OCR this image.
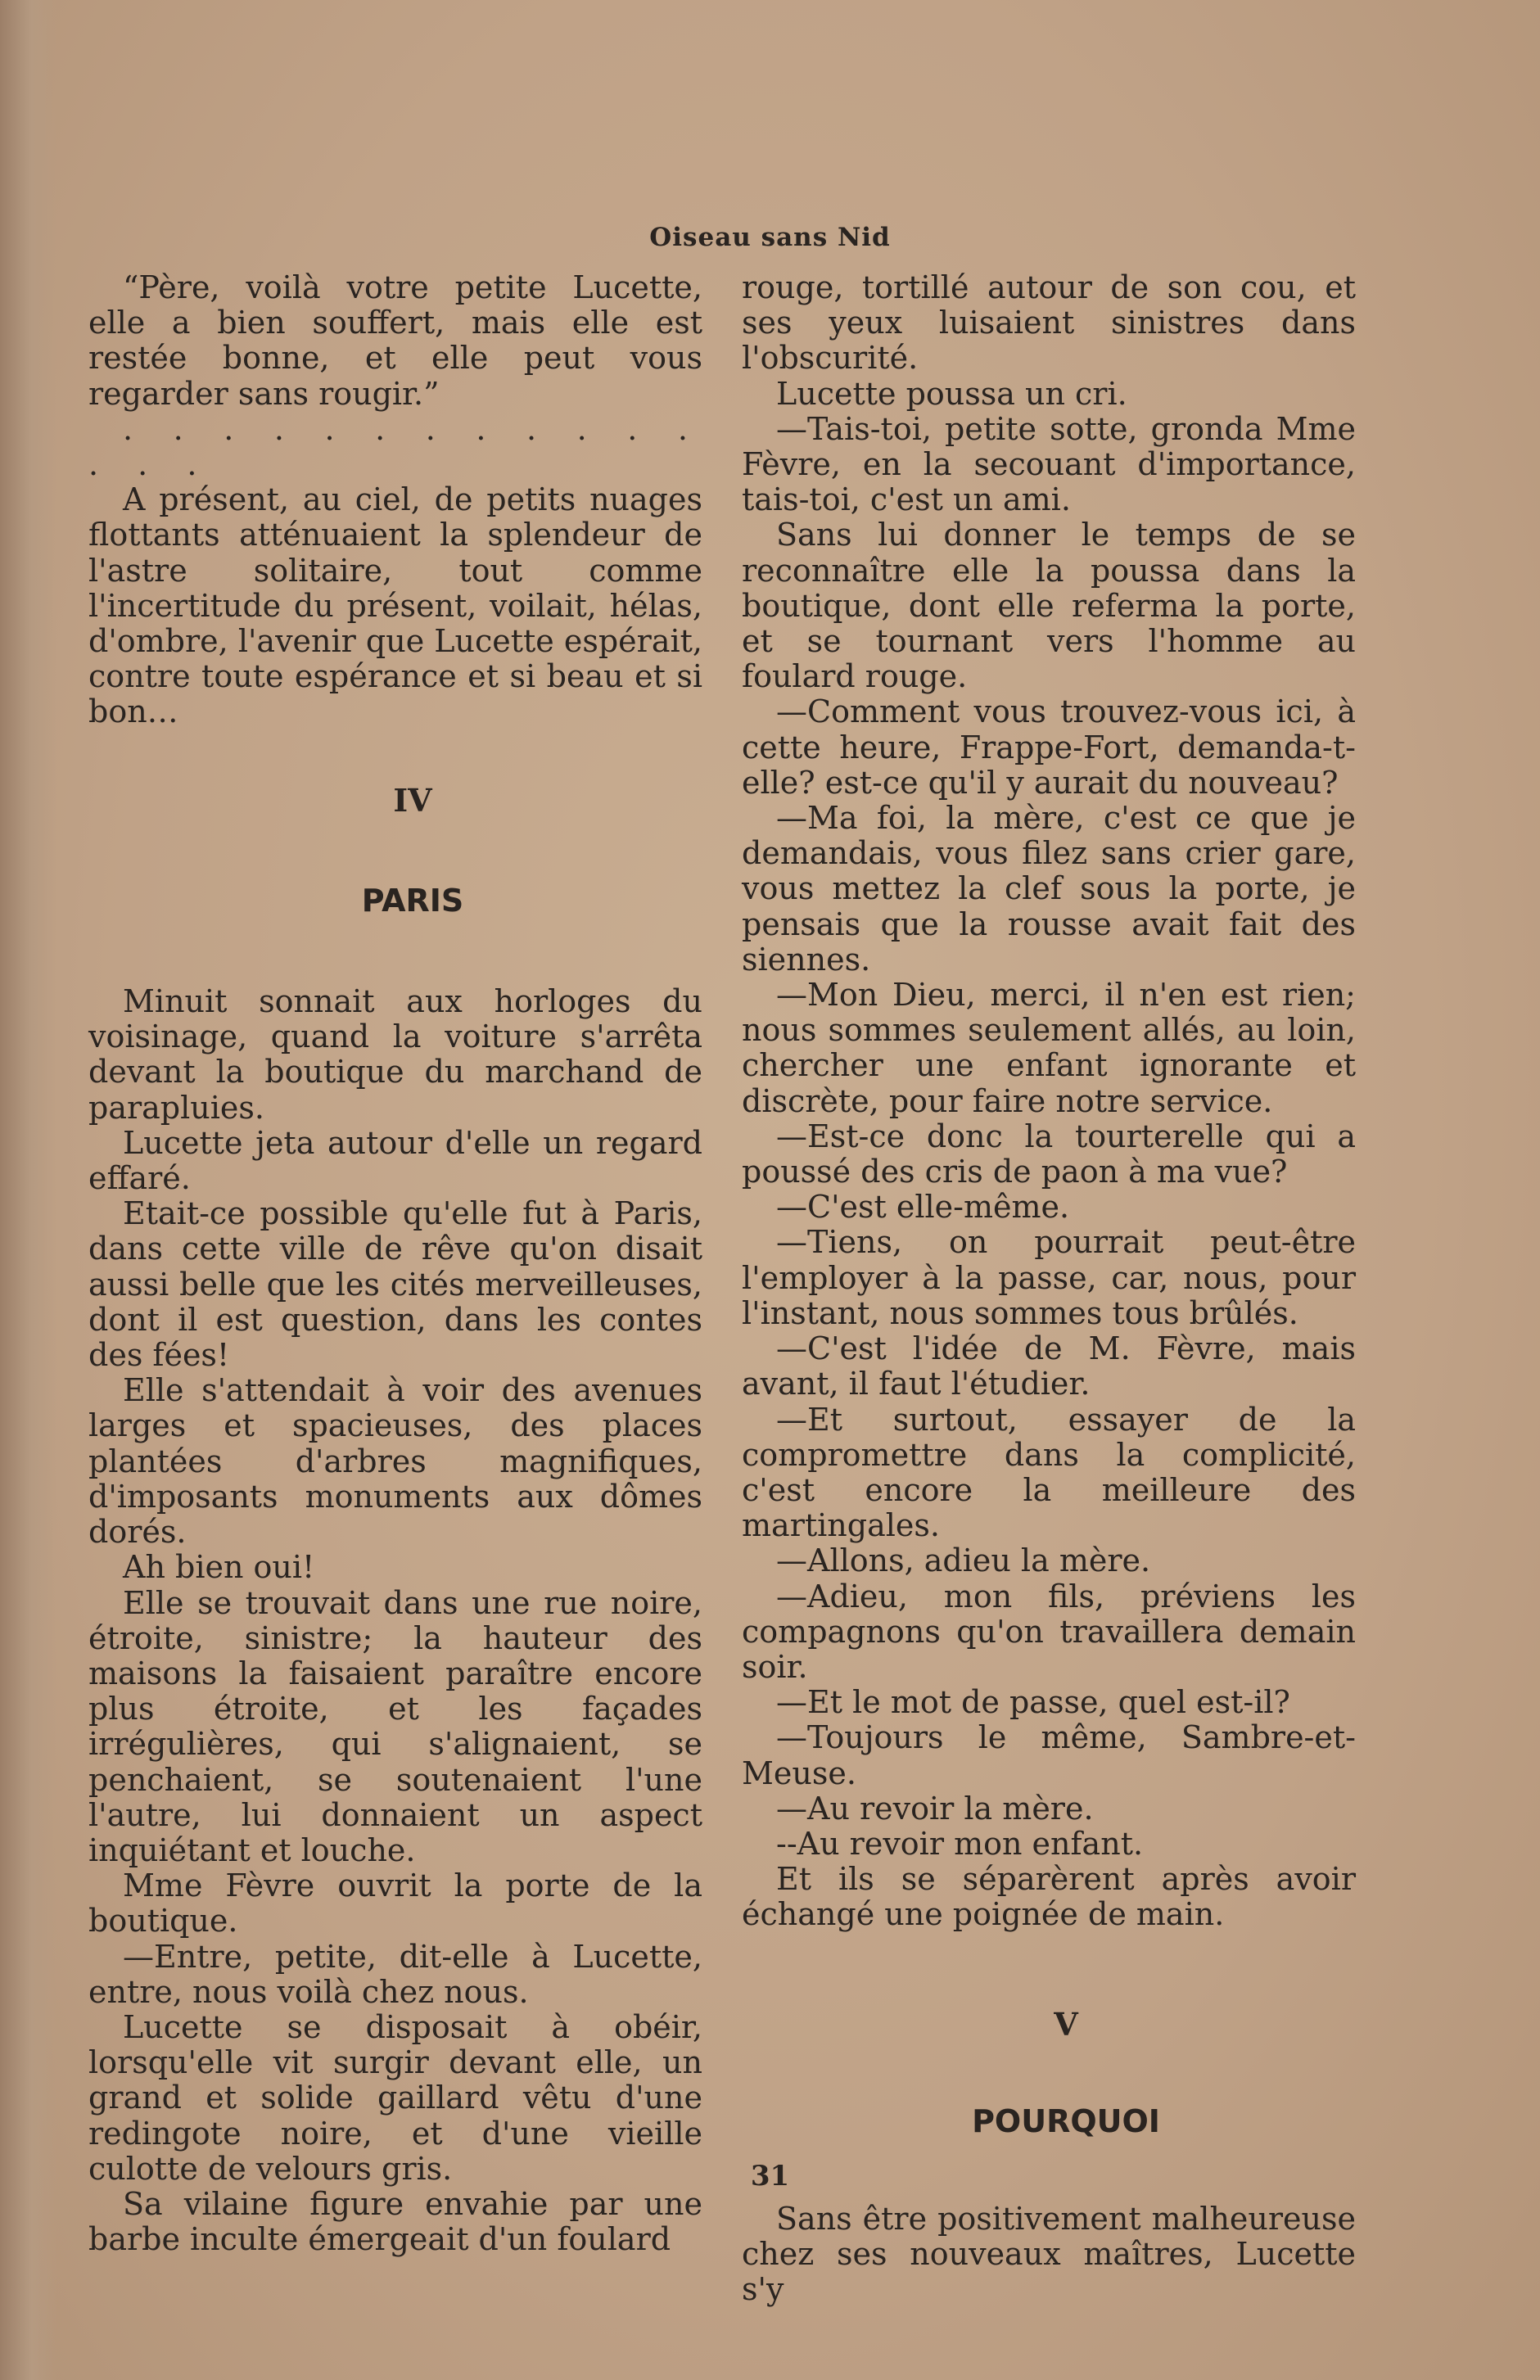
Oiseau sans Nid

“Père, voilà votre petite Lucette, elle a bien souffert, mais elle est restée bonne, et elle peut vous regarder sans rougir.”

. . . . . . . . . . . . . . .

A présent, au ciel, de petits nuages flottants atténuaient la splendeur de l'astre solitaire, tout comme l'incertitude du présent, voilait, hélas, d'ombre, l'avenir que Lucette espérait, contre toute espérance et si beau et si bon…

IV

PARIS

Minuit sonnait aux horloges du voisinage, quand la voiture s'arrêta devant la boutique du marchand de parapluies.

Lucette jeta autour d'elle un regard effaré.

Etait-ce possible qu'elle fut à Paris, dans cette ville de rêve qu'on disait aussi belle que les cités merveilleuses, dont il est question, dans les contes des fées!

Elle s'attendait à voir des avenues larges et spacieuses, des places plantées d'arbres magnifiques, d'imposants monuments aux dômes dorés.

Ah bien oui!

Elle se trouvait dans une rue noire, étroite, sinistre; la hauteur des maisons la faisaient paraître encore plus étroite, et les façades irrégulières, qui s'alignaient, se penchaient, se soutenaient l'une l'autre, lui donnaient un aspect inquiétant et louche.

Mme Fèvre ouvrit la porte de la boutique.

—Entre, petite, dit-elle à Lucette, entre, nous voilà chez nous.

Lucette se disposait à obéir, lorsqu'elle vit surgir devant elle, un grand et solide gaillard vêtu d'une redingote noire, et d'une vieille culotte de velours gris.

Sa vilaine figure envahie par une barbe inculte émergeait d'un foulard

rouge, tortillé autour de son cou, et ses yeux luisaient sinistres dans l'obscurité.

Lucette poussa un cri.

—Tais-toi, petite sotte, gronda Mme Fèvre, en la secouant d'importance, tais-toi, c'est un ami.

Sans lui donner le temps de se reconnaître elle la poussa dans la boutique, dont elle referma la porte, et se tournant vers l'homme au foulard rouge.

—Comment vous trouvez-vous ici, à cette heure, Frappe-Fort, demanda-t-elle? est-ce qu'il y aurait du nouveau?

—Ma foi, la mère, c'est ce que je demandais, vous filez sans crier gare, vous mettez la clef sous la porte, je pensais que la rousse avait fait des siennes.

—Mon Dieu, merci, il n'en est rien; nous sommes seulement allés, au loin, chercher une enfant ignorante et discrète, pour faire notre service.

—Est-ce donc la tourterelle qui a poussé des cris de paon à ma vue?

—C'est elle-même.

—Tiens, on pourrait peut-être l'employer à la passe, car, nous, pour l'instant, nous sommes tous brûlés.

—C'est l'idée de M. Fèvre, mais avant, il faut l'étudier.

—Et surtout, essayer de la compromettre dans la complicité, c'est encore la meilleure des martingales.

—Allons, adieu la mère.

—Adieu, mon fils, préviens les compagnons qu'on travaillera demain soir.

—Et le mot de passe, quel est-il?

—Toujours le même, Sambre-et-Meuse.

—Au revoir la mère.

--Au revoir mon enfant.

Et ils se séparèrent après avoir échangé une poignée de main.

V

POURQUOI

Sans être positivement malheureuse chez ses nouveaux maîtres, Lucette s'y

31
